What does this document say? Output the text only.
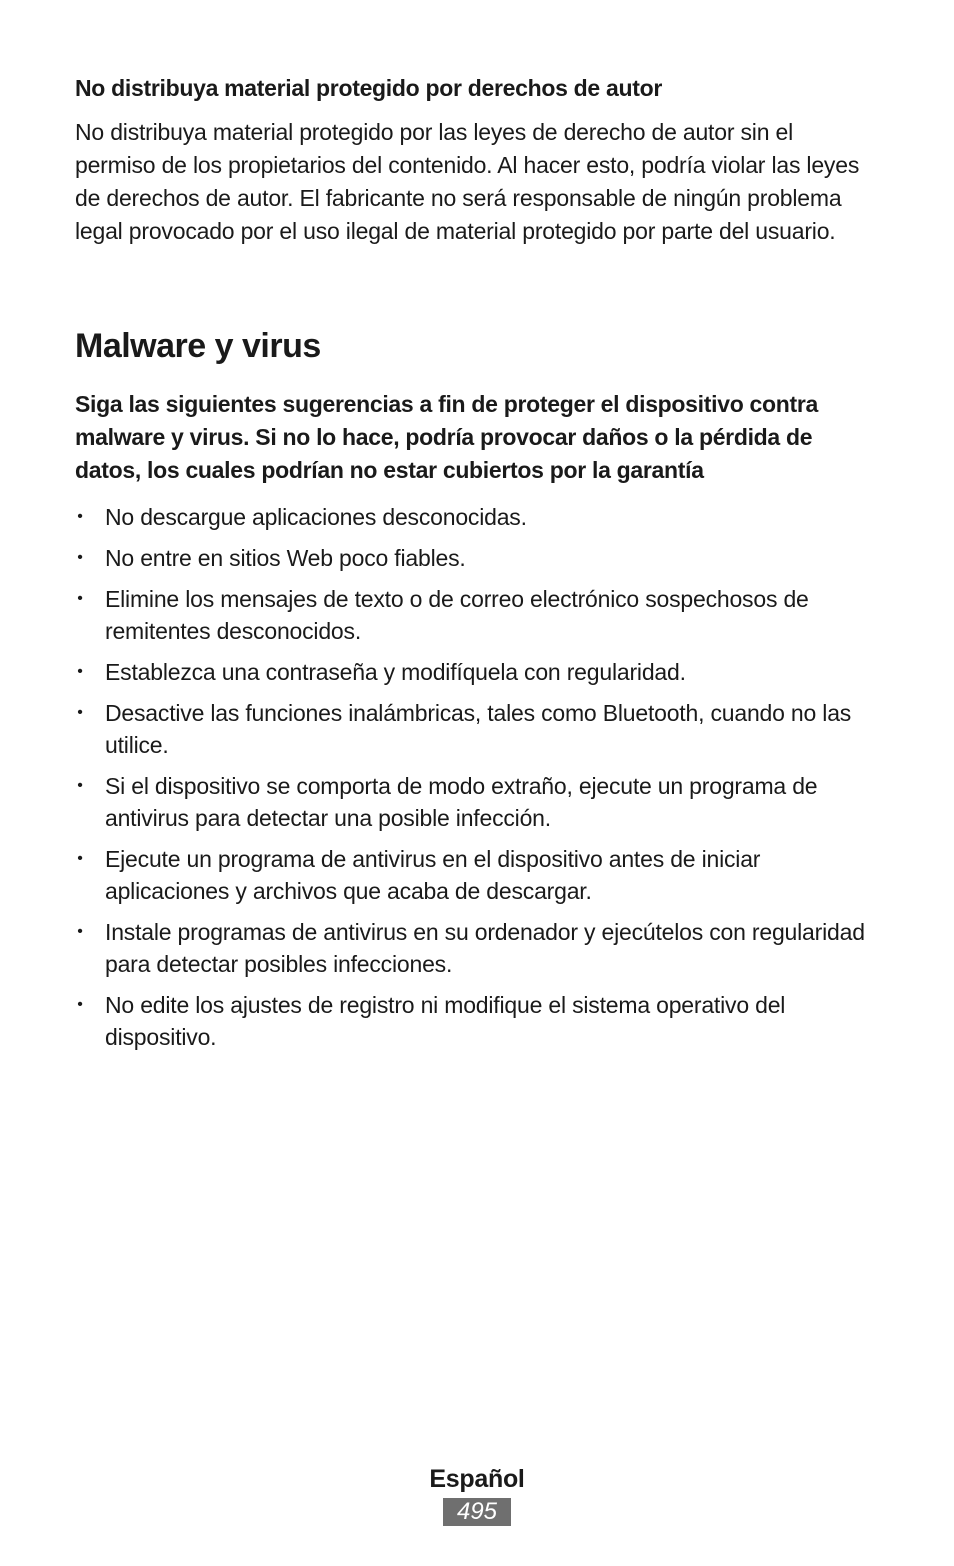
No distribuya material protegido por derechos de autor

No distribuya material protegido por las leyes de derecho de autor sin el permiso de los propietarios del contenido. Al hacer esto, podría violar las leyes de derechos de autor. El fabricante no será responsable de ningún problema legal provocado por el uso ilegal de material protegido por parte del usuario.

Malware y virus

Siga las siguientes sugerencias a fin de proteger el dispositivo contra malware y virus. Si no lo hace, podría provocar daños o la pérdida de datos, los cuales podrían no estar cubiertos por la garantía

• No descargue aplicaciones desconocidas.
• No entre en sitios Web poco fiables.
• Elimine los mensajes de texto o de correo electrónico sospechosos de remitentes desconocidos.
• Establezca una contraseña y modifíquela con regularidad.
• Desactive las funciones inalámbricas, tales como Bluetooth, cuando no las utilice.
• Si el dispositivo se comporta de modo extraño, ejecute un programa de antivirus para detectar una posible infección.
• Ejecute un programa de antivirus en el dispositivo antes de iniciar aplicaciones y archivos que acaba de descargar.
• Instale programas de antivirus en su ordenador y ejecútelos con regularidad para detectar posibles infecciones.
• No edite los ajustes de registro ni modifique el sistema operativo del dispositivo.
Español
495
